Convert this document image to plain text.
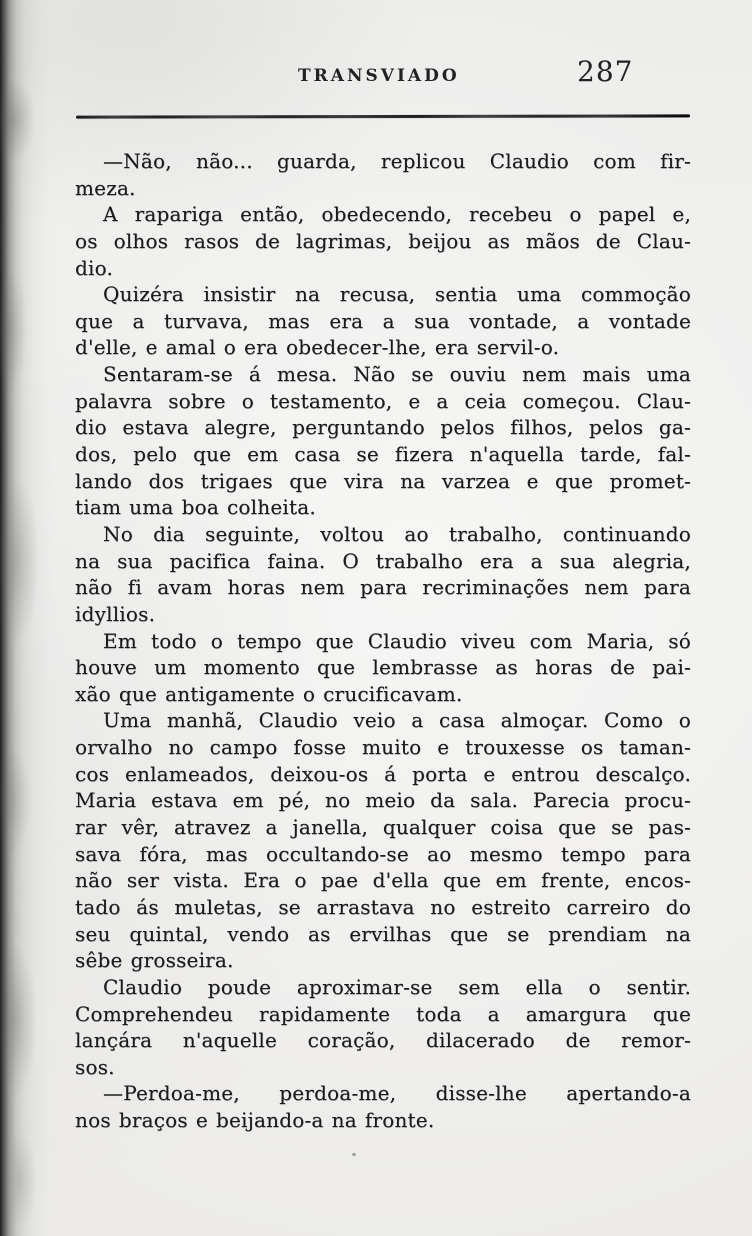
TRANSVIADO	287
—Não, não... guarda, replicou Claudio com fir-
meza.
A rapariga então, obedecendo, recebeu o papel e,
os olhos rasos de lagrimas, beijou as mãos de Clau-
dio.
Quizéra insistir na recusa, sentia uma commoção
que a turvava, mas era a sua vontade, a vontade
d'elle, e amal o era obedecer-lhe, era servil-o.
Sentaram-se á mesa. Não se ouviu nem mais uma
palavra sobre o testamento, e a ceia começou. Clau-
dio estava alegre, perguntando pelos filhos, pelos ga-
dos, pelo que em casa se fizera n'aquella tarde, fal-
lando dos trigaes que vira na varzea e que promet-
tiam uma boa colheita.
No dia seguinte, voltou ao trabalho, continuando
na sua pacifica faina. O trabalho era a sua alegria,
não fi avam horas nem para recriminações nem para
idyllios.
Em todo o tempo que Claudio viveu com Maria, só
houve um momento que lembrasse as horas de pai-
xão que antigamente o crucificavam.
Uma manhã, Claudio veio a casa almoçar. Como o
orvalho no campo fosse muito e trouxesse os taman-
cos enlameados, deixou-os á porta e entrou descalço.
Maria estava em pé, no meio da sala. Parecia procu-
rar vêr, atravez a janella, qualquer coisa que se pas-
sava fóra, mas occultando-se ao mesmo tempo para
não ser vista. Era o pae d'ella que em frente, encos-
tado ás muletas, se arrastava no estreito carreiro do
seu quintal, vendo as ervilhas que se prendiam na
sêbe grosseira.
Claudio poude aproximar-se sem ella o sentir.
Comprehendeu rapidamente toda a amargura que
lançára n'aquelle coração, dilacerado de remor-
sos.
—Perdoa-me, perdoa-me, disse-lhe apertando-a
nos braços e beijando-a na fronte.
